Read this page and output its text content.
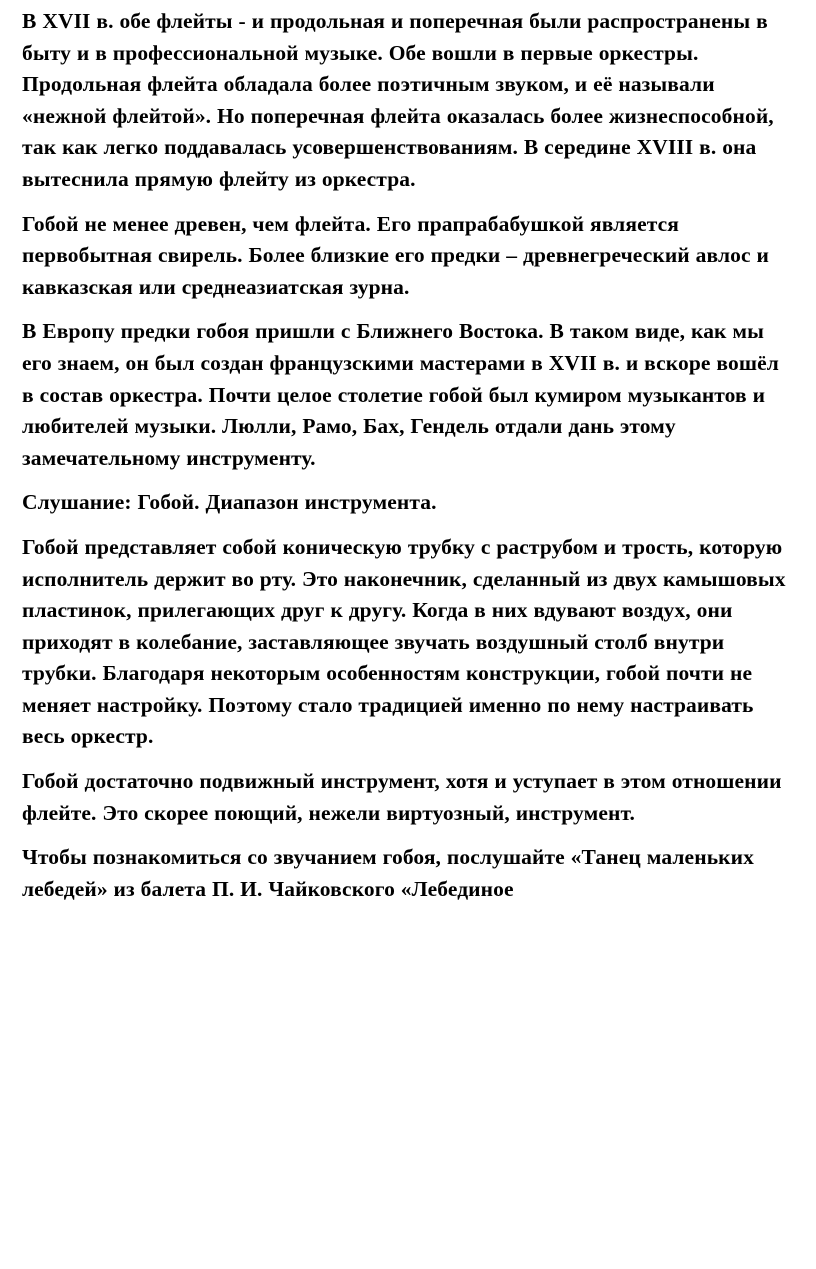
В XVII в. обе флейты - и продольная и поперечная были распространены в быту и в профессиональной музыке. Обе вошли в первые оркестры. Продольная флейта обладала более поэтичным звуком, и её называли «нежной флейтой». Но поперечная флейта оказалась более жизнеспособной, так как легко поддавалась усовершенствованиям. В середине XVIII в. она вытеснила прямую флейту из оркестра.

Гобой не менее древен, чем флейта. Его прапрабабушкой является первобытная свирель. Более близкие его предки – древнегреческий авлос и кавказская или среднеазиатская зурна.

В Европу предки гобоя пришли с Ближнего Востока. В таком виде, как мы его знаем, он был создан французскими мастерами в XVII в. и вскоре вошёл в состав оркестра. Почти целое столетие гобой был кумиром музыкантов и любителей музыки. Люлли, Рамо, Бах, Гендель отдали дань этому замечательному инструменту.

Слушание: Гобой. Диапазон инструмента.

Гобой представляет собой коническую трубку с раструбом и трость, которую исполнитель держит во рту. Это наконечник, сделанный из двух камышовых пластинок, прилегающих друг к другу. Когда в них вдувают воздух, они приходят в колебание, заставляющее звучать воздушный столб внутри трубки. Благодаря некоторым особенностям конструкции, гобой почти не меняет настройку. Поэтому стало традицией именно по нему настраивать весь оркестр.

Гобой достаточно подвижный инструмент, хотя и уступает в этом отношении флейте. Это скорее поющий, нежели виртуозный, инструмент.

Чтобы познакомиться со звучанием гобоя, послушайте «Танец маленьких лебедей» из балета П. И. Чайковского «Лебединое
